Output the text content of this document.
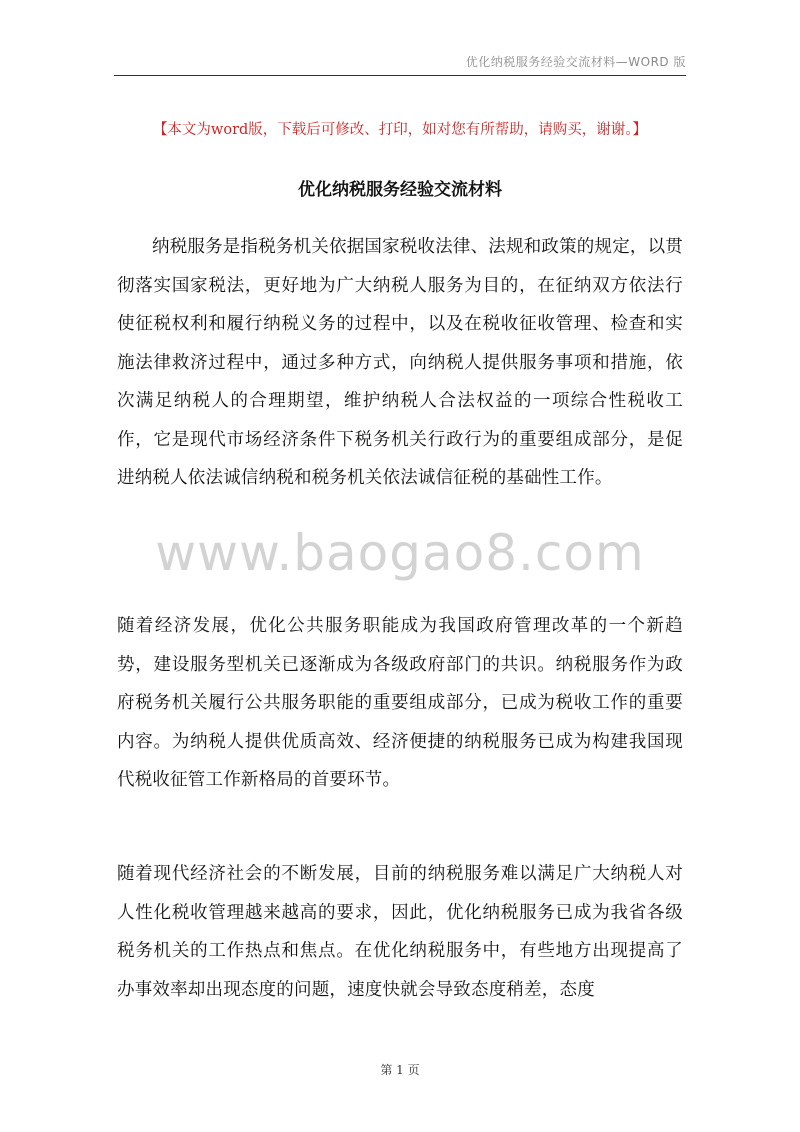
优化纳税服务经验交流材料—WORD 版
【本文为word版，下载后可修改、打印，如对您有所帮助，请购买，谢谢。】
优化纳税服务经验交流材料

纳税服务是指税务机关依据国家税收法律、法规和政策的规定，以贯彻落实国家税法，更好地为广大纳税人服务为目的，在征纳双方依法行使征税权利和履行纳税义务的过程中，以及在税收征收管理、检查和实施法律救济过程中，通过多种方式，向纳税人提供服务事项和措施，依次满足纳税人的合理期望，维护纳税人合法权益的一项综合性税收工作，它是现代市场经济条件下税务机关行政行为的重要组成部分，是促进纳税人依法诚信纳税和税务机关依法诚信征税的基础性工作。

随着经济发展，优化公共服务职能成为我国政府管理改革的一个新趋势，建设服务型机关已逐渐成为各级政府部门的共识。纳税服务作为政府税务机关履行公共服务职能的重要组成部分，已成为税收工作的重要内容。为纳税人提供优质高效、经济便捷的纳税服务已成为构建我国现代税收征管工作新格局的首要环节。

随着现代经济社会的不断发展，目前的纳税服务难以满足广大纳税人对人性化税收管理越来越高的要求，因此，优化纳税服务已成为我省各级税务机关的工作热点和焦点。在优化纳税服务中，有些地方出现提高了办事效率却出现态度的问题，速度快就会导致态度稍差，态度

www.baogao8.com
第 1 页
